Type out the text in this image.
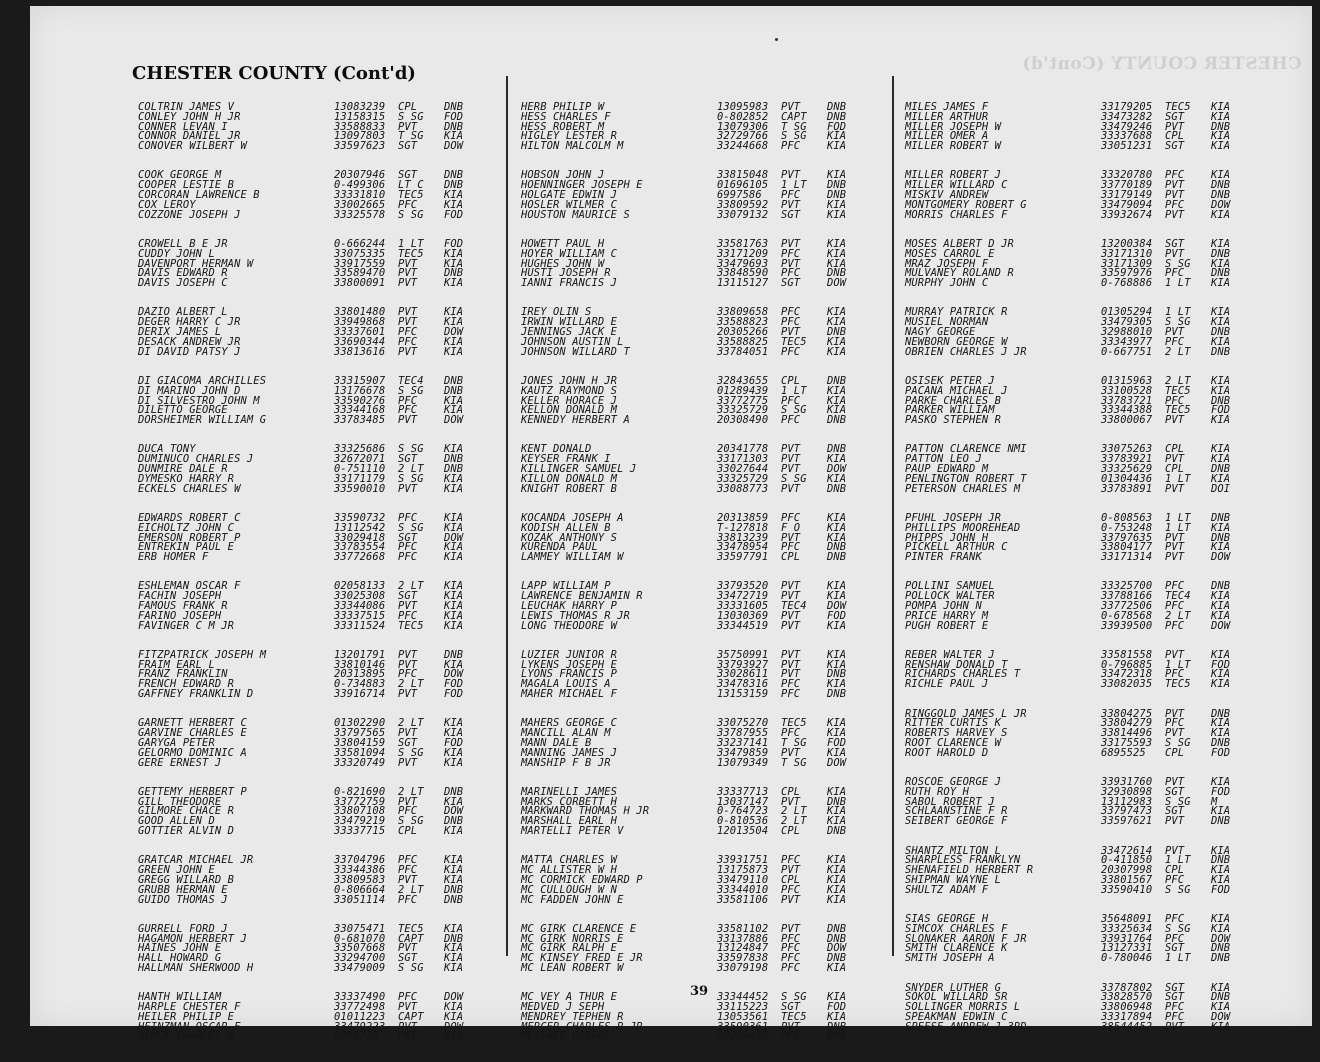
CHESTER COUNTY (Cont'd)
CHESTER COUNTY (Cont'd)
COLTRIN JAMES V	13083239	CPL	DNB
CONLEY JOHN H JR	13158315	S SG	FOD
CONNER LEVAN I	33588833	PVT	DNB
CONNOR DANIEL JR	13097803	T SG	KIA
CONOVER WILBERT W	33597623	SGT	DOW
COOK GEORGE M	20307946	SGT	DNB
COOPER LESTIE B	0-499306	LT C	DNB
CORCORAN LAWRENCE B	33331810	TEC5	KIA
COX LEROY	33002665	PFC	KIA
COZZONE JOSEPH J	33325578	S SG	FOD
CROWELL B E JR	0-666244	1 LT	FOD
CUDDY JOHN L	33075335	TEC5	KIA
DAVENPORT HERMAN W	33917559	PVT	KIA
DAVIS EDWARD R	33589470	PVT	DNB
DAVIS JOSEPH C	33800091	PVT	KIA
DAZIO ALBERT L	33801480	PVT	KIA
DEGER HARRY C JR	33949868	PVT	KIA
DERIX JAMES L	33337601	PFC	DOW
DESACK ANDREW JR	33690344	PFC	KIA
DI DAVID PATSY J	33813616	PVT	KIA
DI GIACOMA ARCHILLES	33315907	TEC4	DNB
DI MARINO JOHN D	13176678	S SG	DNB
DI SILVESTRO JOHN M	33590276	PFC	KIA
DILETTO GEORGE	33344168	PFC	KIA
DORSHEIMER WILLIAM G	33783485	PVT	DOW
DUCA TONY	33325686	S SG	KIA
DUMINUCO CHARLES J	32672071	SGT	DNB
DUNMIRE DALE R	0-751110	2 LT	DNB
DYMESKO HARRY R	33171179	S SG	KIA
ECKELS CHARLES W	33590010	PVT	KIA
EDWARDS ROBERT C	33590732	PFC	KIA
EICHOLTZ JOHN C	13112542	S SG	KIA
EMERSON ROBERT P	33029418	SGT	DOW
ENTREKIN PAUL E	33783554	PFC	KIA
ERB HOMER F	33772668	PFC	KIA
ESHLEMAN OSCAR F	02058133	2 LT	KIA
FACHIN JOSEPH	33025308	SGT	KIA
FAMOUS FRANK R	33344086	PVT	KIA
FARINO JOSEPH	33337515	PFC	KIA
FAVINGER C M JR	33311524	TEC5	KIA
FITZPATRICK JOSEPH M	13201791	PVT	DNB
FRAIM EARL L	33810146	PVT	KIA
FRANZ FRANKLIN	20313895	PFC	DOW
FRENCH EDWARD R	0-734883	2 LT	FOD
GAFFNEY FRANKLIN D	33916714	PVT	FOD
GARNETT HERBERT C	01302290	2 LT	KIA
GARVINE CHARLES E	33797565	PVT	KIA
GARYGA PETER	33804159	SGT	FOD
GELORMO DOMINIC A	33581094	S SG	KIA
GERE ERNEST J	33320749	PVT	KIA
GETTEMY HERBERT P	0-821690	2 LT	DNB
GILL THEODORE	33772759	PVT	KIA
GILMORE CHACE R	33807108	PFC	DOW
GOOD ALLEN D	33479219	S SG	DNB
GOTTIER ALVIN D	33337715	CPL	KIA
GRATCAR MICHAEL JR	33704796	PFC	KIA
GREEN JOHN E	33344386	PFC	KIA
GREGG WILLARD B	33809583	PVT	KIA
GRUBB HERMAN E	0-806664	2 LT	DNB
GUIDO THOMAS J	33051114	PFC	DNB
GURRELL FORD J	33075471	TEC5	KIA
HAGAMON HERBERT J	0-681070	CAPT	DNB
HAINES JOHN E	33507668	PVT	KIA
HALL HOWARD G	33294700	SGT	KIA
HALLMAN SHERWOOD H	33479009	S SG	KIA
HANTH WILLIAM	33337490	PFC	DOW
HARPLE CHESTER F	33772498	PVT	KIA
HEILER PHILIP E	01011223	CAPT	KIA
HEINZMAN OSCAR F	33479223	PVT	DOW
HENCK CHARLES A	6995736	PVT	KIA
HERB PHILIP W	13095983	PVT	DNB
HESS CHARLES F	0-802852	CAPT	DNB
HESS ROBERT M	13079306	T SG	FOD
HIGLEY LESTER R	32729766	S SG	KIA
HILTON MALCOLM M	33244668	PFC	KIA
HOBSON JOHN J	33815048	PVT	KIA
HOENNINGER JOSEPH E	01696105	1 LT	DNB
HOLGATE EDWIN J	6997586	PFC	DNB
HOSLER WILMER C	33809592	PVT	KIA
HOUSTON MAURICE S	33079132	SGT	KIA
HOWETT PAUL H	33581763	PVT	KIA
HOYER WILLIAM C	33171209	PFC	KIA
HUGHES JOHN W	33479693	PVT	KIA
HUSTI JOSEPH R	33848590	PFC	DNB
IANNI FRANCIS J	13115127	SGT	DOW
IREY OLIN S	33809658	PFC	KIA
IRWIN WILLARD E	33588823	PFC	KIA
JENNINGS JACK E	20305266	PVT	DNB
JOHNSON AUSTIN L	33588825	TEC5	KIA
JOHNSON WILLARD T	33784051	PFC	KIA
JONES JOHN H JR	32843655	CPL	DNB
KAUTZ RAYMOND S	01289439	1 LT	KIA
KELLER HORACE J	33772775	PFC	KIA
KELLON DONALD M	33325729	S SG	KIA
KENNEDY HERBERT A	20308490	PFC	DNB
KENT DONALD	20341778	PVT	DNB
KEYSER FRANK I	33171303	PVT	KIA
KILLINGER SAMUEL J	33027644	PVT	DOW
KILLON DONALD M	33325729	S SG	KIA
KNIGHT ROBERT B	33088773	PVT	DNB
KOCANDA JOSEPH A	20313859	PFC	KIA
KODISH ALLEN B	T-127818	F O	KIA
KOZAK ANTHONY S	33813239	PVT	KIA
KURENDA PAUL	33478954	PFC	DNB
LAMMEY WILLIAM W	33597791	CPL	DNB
LAPP WILLIAM P	33793520	PVT	KIA
LAWRENCE BENJAMIN R	33472719	PVT	KIA
LEUCHAK HARRY P	33331605	TEC4	DOW
LEWIS THOMAS R JR	13030369	PVT	FOD
LONG THEODORE W	33344519	PVT	KIA
LUZIER JUNIOR R	35750991	PVT	KIA
LYKENS JOSEPH E	33793927	PVT	KIA
LYONS FRANCIS P	33028611	PVT	DNB
MAGALA LOUIS A	33478316	PFC	KIA
MAHER MICHAEL F	13153159	PFC	DNB
MAHERS GEORGE C	33075270	TEC5	KIA
MANCILL ALAN M	33787955	PFC	KIA
MANN DALE B	33237141	T SG	FOD
MANNING JAMES J	33479859	PVT	KIA
MANSHIP F B JR	13079349	T SG	DOW
MARINELLI JAMES	33337713	CPL	KIA
MARKS CORBETT H	13037147	PVT	DNB
MARKWARD THOMAS H JR	0-764723	2 LT	KIA
MARSHALL EARL H	0-810536	2 LT	KIA
MARTELLI PETER V	12013504	CPL	DNB
MATTA CHARLES W	33931751	PFC	KIA
MC ALLISTER W H	13175873	PVT	KIA
MC CORMICK EDWARD P	33479110	CPL	KIA
MC CULLOUGH W N	33344010	PFC	KIA
MC FADDEN JOHN E	33581106	PVT	KIA
MC GIRK CLARENCE E	33581102	PVT	DNB
MC GIRK NORRIS E	33137886	PFC	DNB
MC GIRK RALPH E	13124847	PFC	DOW
MC KINSEY FRED E JR	33597838	PFC	DNB
MC LEAN ROBERT W	33079198	PFC	KIA
MC VEY A THUR E	33344452	S SG	KIA
MEDVED J SEPH	33115223	SGT	FOD
MENDREY TEPHEN R	13053561	TEC5	KIA
MERCER CHARLES R JR	33590361	PVT	DNB
MESSNER GEORGE	20309452	PFC	DNB
MILES JAMES F	33179205	TEC5	KIA
MILLER ARTHUR	33473282	SGT	KIA
MILLER JOSEPH W	33479246	PVT	DNB
MILLER OMER A	33337688	CPL	KIA
MILLER ROBERT W	33051231	SGT	KIA
MILLER ROBERT J	33320780	PFC	KIA
MILLER WILLARD C	33770189	PVT	DNB
MISKIV ANDREW	33179149	PVT	DNB
MONTGOMERY ROBERT G	33479094	PFC	DOW
MORRIS CHARLES F	33932674	PVT	KIA
MOSES ALBERT D JR	13200384	SGT	KIA
MOSES CARROL E	33171310	PVT	DNB
MRAZ JOSEPH F	33171309	S SG	KIA
MULVANEY ROLAND R	33597976	PFC	DNB
MURPHY JOHN C	0-768886	1 LT	KIA
MURRAY PATRICK R	01305294	1 LT	KIA
MUSIEL NORMAN	33479305	S SG	KIA
NAGY GEORGE	32988010	PVT	DNB
NEWBORN GEORGE W	33343977	PFC	KIA
OBRIEN CHARLES J JR	0-667751	2 LT	DNB
OSISEK PETER J	01315963	2 LT	KIA
PACANA MICHAEL J	33100528	TEC5	KIA
PARKE CHARLES B	33783721	PFC	DNB
PARKER WILLIAM	33344388	TEC5	FOD
PASKO STEPHEN R	33800067	PVT	KIA
PATTON CLARENCE NMI	33075263	CPL	KIA
PATTON LEO J	33783921	PVT	KIA
PAUP EDWARD M	33325629	CPL	DNB
PENLINGTON ROBERT T	01304436	1 LT	KIA
PETERSON CHARLES M	33783891	PVT	DOI
PFUHL JOSEPH JR	0-808563	1 LT	DNB
PHILLIPS MOOREHEAD	0-753248	1 LT	KIA
PHIPPS JOHN H	33797635	PVT	DNB
PICKELL ARTHUR C	33804177	PVT	KIA
PINTER FRANK	33171314	PVT	DOW
POLLINI SAMUEL	33325700	PFC	DNB
POLLOCK WALTER	33788166	TEC4	KIA
POMPA JOHN N	33772506	PFC	KIA
PRICE HARRY M	0-678568	2 LT	KIA
PUGH ROBERT E	33939500	PFC	DOW
REBER WALTER J	33581558	PVT	KIA
RENSHAW DONALD T	0-796885	1 LT	FOD
RICHARDS CHARLES T	33472318	PFC	KIA
RICHLE PAUL J	33082035	TEC5	KIA
RINGGOLD JAMES L JR	33804275	PVT	DNB
RITTER CURTIS K	33804279	PFC	KIA
ROBERTS HARVEY S	33814496	PVT	KIA
ROOT CLARENCE W	33175593	S SG	DNB
ROOT HAROLD D	6895525	CPL	FOD
ROSCOE GEORGE J	33931760	PVT	KIA
RUTH ROY H	32930898	SGT	FOD
SABOL ROBERT J	13112983	S SG	M
SCHLAANSTINE F R	33797473	SGT	KIA
SEIBERT GEORGE F	33597621	PVT	DNB
SHANTZ MILTON L	33472614	PVT	KIA
SHARPLESS FRANKLYN	0-411850	1 LT	DNB
SHENAFIELD HERBERT R	20307998	CPL	KIA
SHIPMAN WAYNE L	33801567	PFC	KIA
SHULTZ ADAM F	33590410	S SG	FOD
SIAS GEORGE H	35648091	PFC	KIA
SIMCOX CHARLES F	33325634	S SG	KIA
SLONAKER AARON F JR	33931764	PFC	DOW
SMITH CLARENCE K	13127331	SGT	DNB
SMITH JOSEPH A	0-780046	1 LT	DNB
SNYDER LUTHER G	33787802	SGT	KIA
SOKOL WILLARD SR	33828570	SGT	DNB
SOLLINGER MORRIS L	33806948	PFC	KIA
SPEAKMAN EDWIN C	33317894	PFC	DOW
SPEESE ANDREW J 3RD	38544452	PVT	KIA
39
